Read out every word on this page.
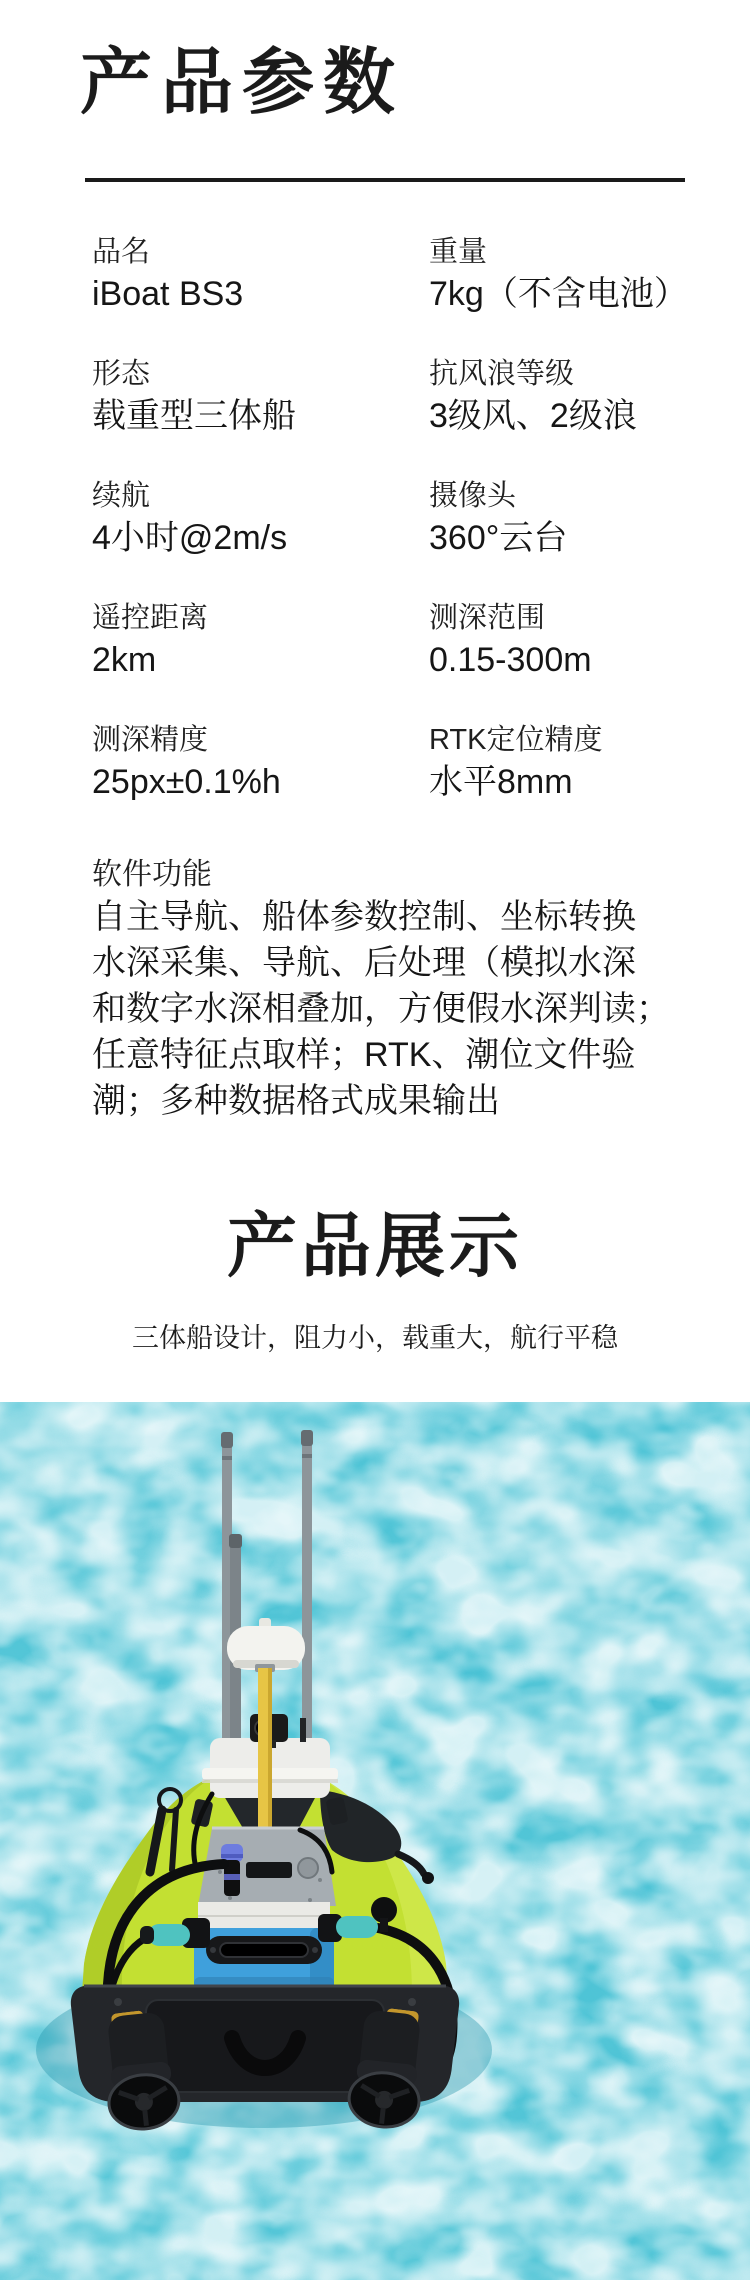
产品参数
品名
iBoat BS3
重量
7kg（不含电池）
形态
载重型三体船
抗风浪等级
3级风、2级浪
续航
4小时@2m/s
摄像头
360°云台
遥控距离
2km
测深范围
0.15-300m
测深精度
25px±0.1%h
RTK定位精度
水平8mm
软件功能
自主导航、船体参数控制、坐标转换
水深采集、导航、后处理（模拟水深
和数字水深相叠加，方便假水深判读；
任意特征点取样；RTK、潮位文件验
潮；多种数据格式成果输出
产品展示

三体船设计，阻力小，载重大，航行平稳
